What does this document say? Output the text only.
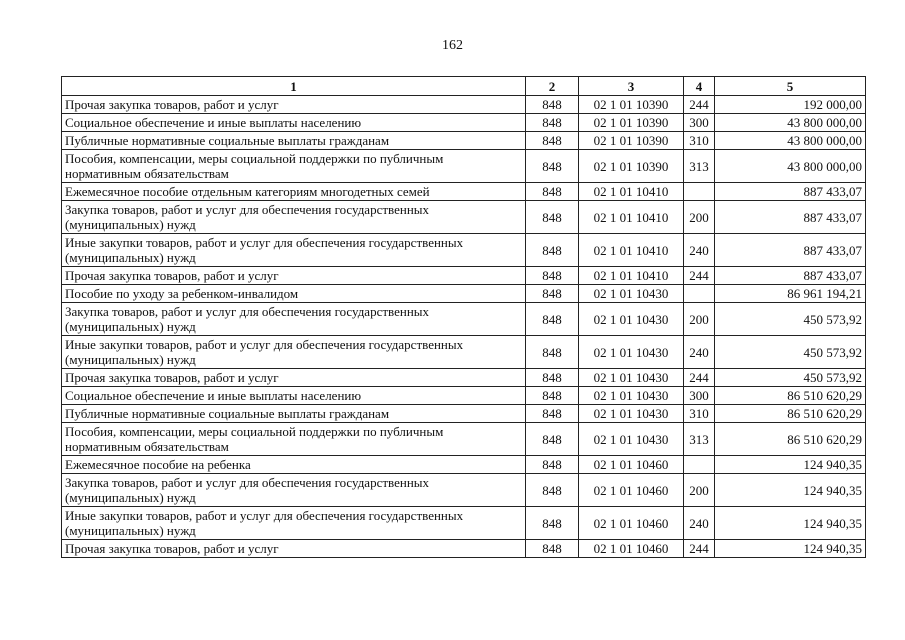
162
1	2	3	4	5
Прочая закупка товаров, работ и услуг	848	02 1 01 10390	244	192 000,00
Социальное обеспечение и иные выплаты населению	848	02 1 01 10390	300	43 800 000,00
Публичные нормативные социальные выплаты гражданам	848	02 1 01 10390	310	43 800 000,00
Пособия, компенсации, меры социальной поддержки по публичным нормативным обязательствам	848	02 1 01 10390	313	43 800 000,00
Ежемесячное пособие отдельным категориям многодетных семей	848	02 1 01 10410		887 433,07
Закупка товаров, работ и услуг для обеспечения государственных (муниципальных) нужд	848	02 1 01 10410	200	887 433,07
Иные закупки товаров, работ и услуг для обеспечения государственных (муниципальных) нужд	848	02 1 01 10410	240	887 433,07
Прочая закупка товаров, работ и услуг	848	02 1 01 10410	244	887 433,07
Пособие по уходу за ребенком-инвалидом	848	02 1 01 10430		86 961 194,21
Закупка товаров, работ и услуг для обеспечения государственных (муниципальных) нужд	848	02 1 01 10430	200	450 573,92
Иные закупки товаров, работ и услуг для обеспечения государственных (муниципальных) нужд	848	02 1 01 10430	240	450 573,92
Прочая закупка товаров, работ и услуг	848	02 1 01 10430	244	450 573,92
Социальное обеспечение и иные выплаты населению	848	02 1 01 10430	300	86 510 620,29
Публичные нормативные социальные выплаты гражданам	848	02 1 01 10430	310	86 510 620,29
Пособия, компенсации, меры социальной поддержки по публичным нормативным обязательствам	848	02 1 01 10430	313	86 510 620,29
Ежемесячное пособие на ребенка	848	02 1 01 10460		124 940,35
Закупка товаров, работ и услуг для обеспечения государственных (муниципальных) нужд	848	02 1 01 10460	200	124 940,35
Иные закупки товаров, работ и услуг для обеспечения государственных (муниципальных) нужд	848	02 1 01 10460	240	124 940,35
Прочая закупка товаров, работ и услуг	848	02 1 01 10460	244	124 940,35
